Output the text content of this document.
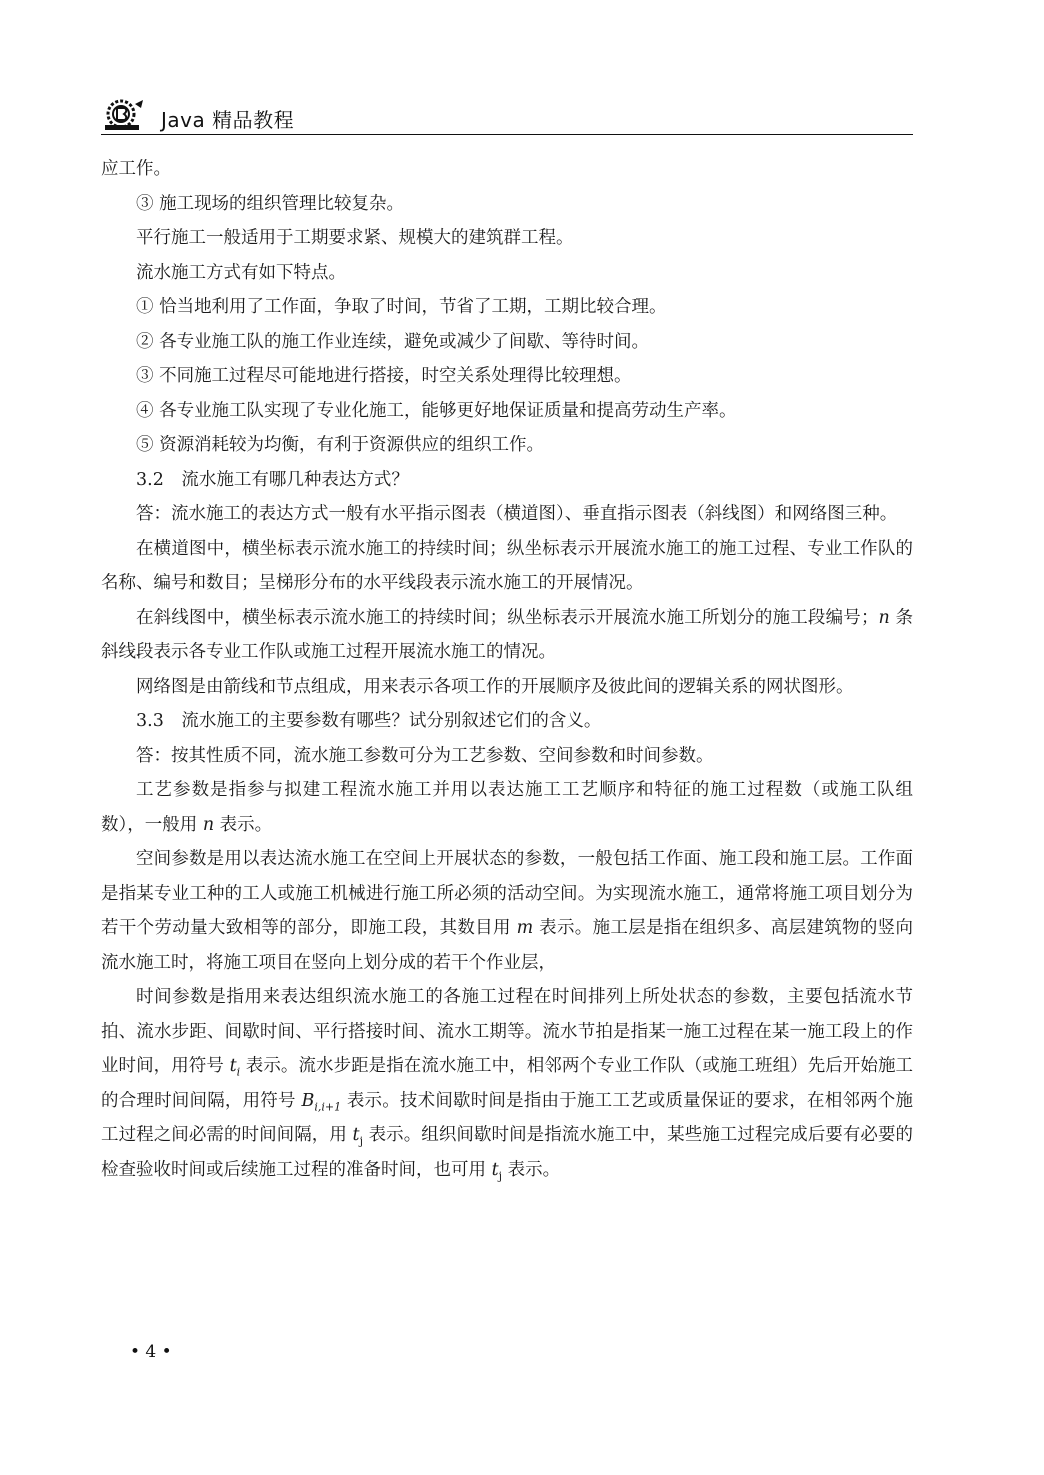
Java 精品教程

应工作。

③ 施工现场的组织管理比较复杂。

平行施工一般适用于工期要求紧、规模大的建筑群工程。

流水施工方式有如下特点。

① 恰当地利用了工作面，争取了时间，节省了工期，工期比较合理。

② 各专业施工队的施工作业连续，避免或减少了间歇、等待时间。

③ 不同施工过程尽可能地进行搭接，时空关系处理得比较理想。

④ 各专业施工队实现了专业化施工，能够更好地保证质量和提高劳动生产率。

⑤ 资源消耗较为均衡，有利于资源供应的组织工作。

3.2　流水施工有哪几种表达方式？

答：流水施工的表达方式一般有水平指示图表（横道图）、垂直指示图表（斜线图）和网络图三种。

在横道图中，横坐标表示流水施工的持续时间；纵坐标表示开展流水施工的施工过程、专业工作队的名称、编号和数目；呈梯形分布的水平线段表示流水施工的开展情况。

在斜线图中，横坐标表示流水施工的持续时间；纵坐标表示开展流水施工所划分的施工段编号；n 条斜线段表示各专业工作队或施工过程开展流水施工的情况。

网络图是由箭线和节点组成，用来表示各项工作的开展顺序及彼此间的逻辑关系的网状图形。

3.3　流水施工的主要参数有哪些？试分别叙述它们的含义。

答：按其性质不同，流水施工参数可分为工艺参数、空间参数和时间参数。

工艺参数是指参与拟建工程流水施工并用以表达施工工艺顺序和特征的施工过程数（或施工队组数），一般用 n 表示。

空间参数是用以表达流水施工在空间上开展状态的参数，一般包括工作面、施工段和施工层。工作面是指某专业工种的工人或施工机械进行施工所必须的活动空间。为实现流水施工，通常将施工项目划分为若干个劳动量大致相等的部分，即施工段，其数目用 m 表示。施工层是指在组织多、高层建筑物的竖向流水施工时，将施工项目在竖向上划分成的若干个作业层，

时间参数是指用来表达组织流水施工的各施工过程在时间排列上所处状态的参数，主要包括流水节拍、流水步距、间歇时间、平行搭接时间、流水工期等。流水节拍是指某一施工过程在某一施工段上的作业时间，用符号 $t_i$ 表示。流水步距是指在流水施工中，相邻两个专业工作队（或施工班组）先后开始施工的合理时间间隔，用符号 $B_{i,i+1}$ 表示。技术间歇时间是指由于施工工艺或质量保证的要求，在相邻两个施工过程之间必需的时间间隔，用 $t_j$ 表示。组织间歇时间是指流水施工中，某些施工过程完成后要有必要的检查验收时间或后续施工过程的准备时间，也可用 $t_j$ 表示。

• 4 •
